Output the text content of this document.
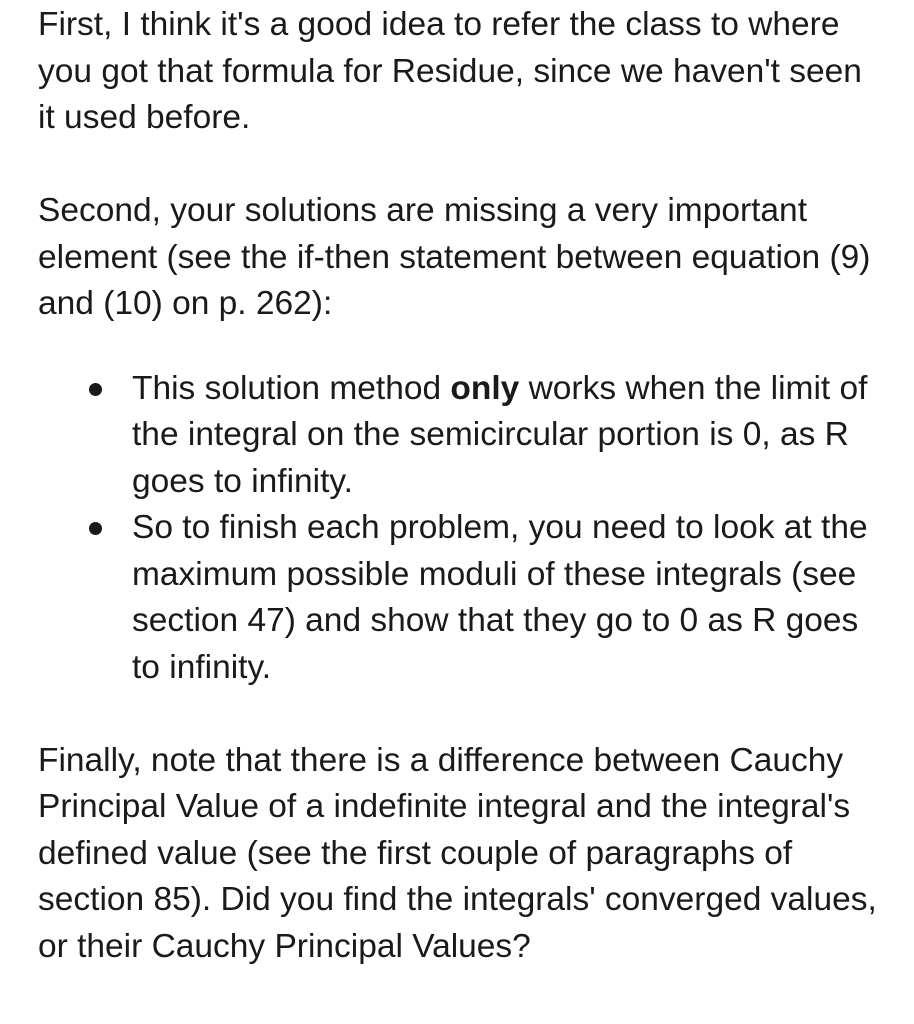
First, I think it's a good idea to refer the class to where you got that formula for Residue, since we haven't seen it used before.

Second, your solutions are missing a very important element (see the if-then statement between equation (9) and (10) on p. 262):

This solution method only works when the limit of the integral on the semicircular portion is 0, as R goes to infinity.
So to finish each problem, you need to look at the maximum possible moduli of these integrals (see section 47) and show that they go to 0 as R goes to infinity.

Finally, note that there is a difference between Cauchy Principal Value of a indefinite integral and the integral's defined value (see the first couple of paragraphs of section 85). Did you find the integrals' converged values, or their Cauchy Principal Values?
